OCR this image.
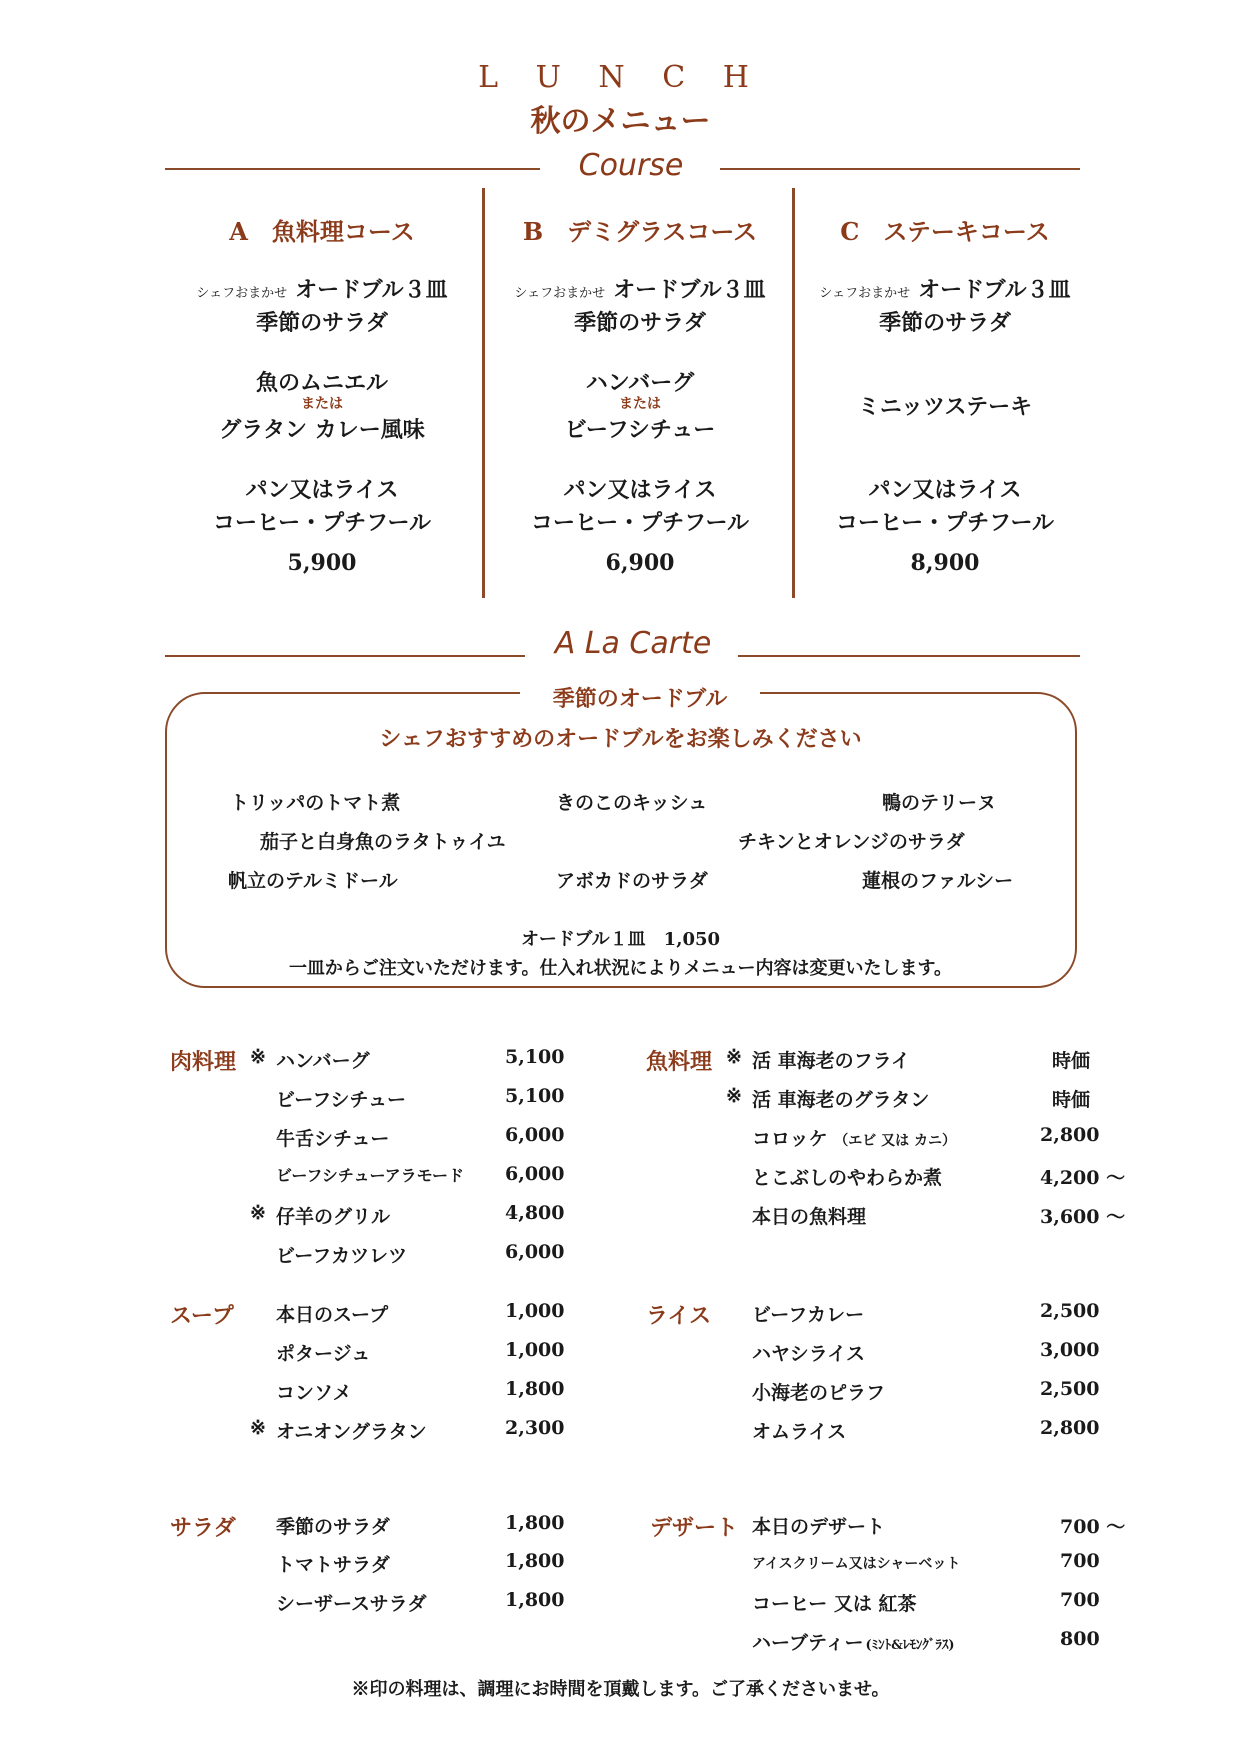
L U N C H
秋のメニュー
Course
A　魚料理コース
シェフおまかせ オードブル３皿
季節のサラダ
魚のムニエル
または
グラタン カレー風味
パン又はライス
コーヒー・プチフール
5,900
B　デミグラスコース
シェフおまかせ オードブル３皿
季節のサラダ
ハンバーグ
または
ビーフシチュー
パン又はライス
コーヒー・プチフール
6,900
C　ステーキコース
シェフおまかせ オードブル３皿
季節のサラダ
ミニッツステーキ
パン又はライス
コーヒー・プチフール
8,900
A La Carte
季節のオードブル
シェフおすすめのオードブルをお楽しみください
トリッパのトマト煮	きのこのキッシュ	鴨のテリーヌ
茄子と白身魚のラタトゥイユ	チキンとオレンジのサラダ
帆立のテルミドール	アボカドのサラダ	蓮根のファルシー
オードブル１皿　1,050
一皿からご注文いただけます。仕入れ状況によりメニュー内容は変更いたします。
肉料理 ※ ハンバーグ	5,100
ビーフシチュー	5,100
牛舌シチュー	6,000
ビーフシチューアラモード 6,000
※ 仔羊のグリル	4,800
ビーフカツレツ	6,000
魚料理 ※ 活 車海老のフライ	時価
※ 活 車海老のグラタン	時価
コロッケ （エビ 又は カニ）	2,800
とこぶしのやわらか煮	4,200 ～
本日の魚料理	3,600 ～
スープ 本日のスープ	1,000
ポタージュ	1,000
コンソメ	1,800
※ オニオングラタン	2,300
ライス ビーフカレー	2,500
ハヤシライス	3,000
小海老のピラフ	2,500
オムライス	2,800
サラダ 季節のサラダ	1,800
トマトサラダ	1,800
シーザースサラダ	1,800
デザート 本日のデザート	700 ～
アイスクリーム又はシャーベット	700
コーヒー 又は 紅茶	700
ハーブティー (ﾐﾝﾄ&ﾚﾓﾝｸﾞﾗｽ)	800
※印の料理は、調理にお時間を頂戴します。ご了承くださいませ。
